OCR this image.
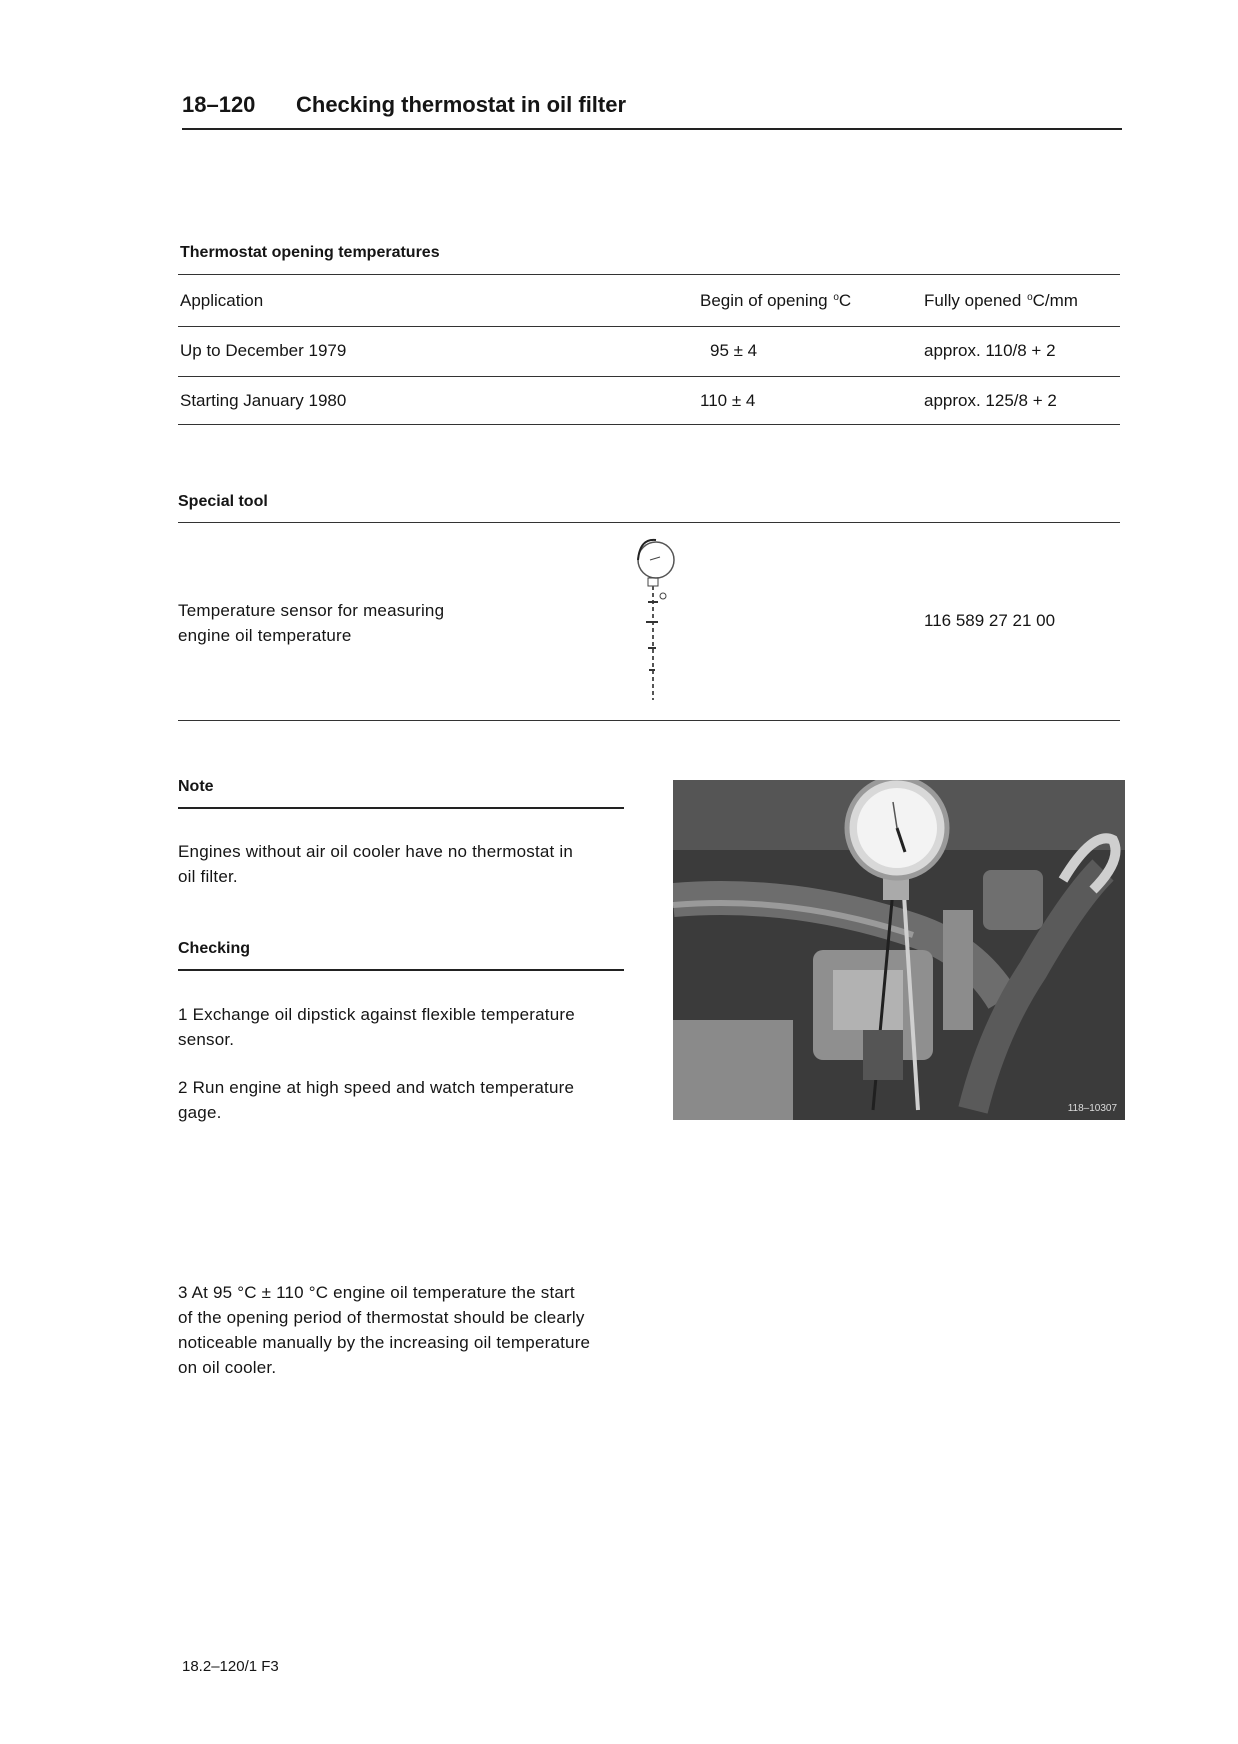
18–120 Checking thermostat in oil filter
Thermostat opening temperatures
Application	Begin of opening $^o$C	Fully opened $^o$C/mm
Up to December 1979	95 ± 4	approx. 110/8 + 2
Starting January 1980	110 ± 4	approx. 125/8 + 2
Special tool
Temperature sensor for measuring
engine oil temperature
116 589 27 21 00
Note
Engines without air oil cooler have no thermostat in
oil filter.
Checking
1 Exchange oil dipstick against flexible temperature
sensor.
2 Run engine at high speed and watch temperature
gage.	118–10307
3 At 95 °C ± 110 °C engine oil temperature the start
of the opening period of thermostat should be clearly
noticeable manually by the increasing oil temperature
on oil cooler.
18.2–120/1 F3
